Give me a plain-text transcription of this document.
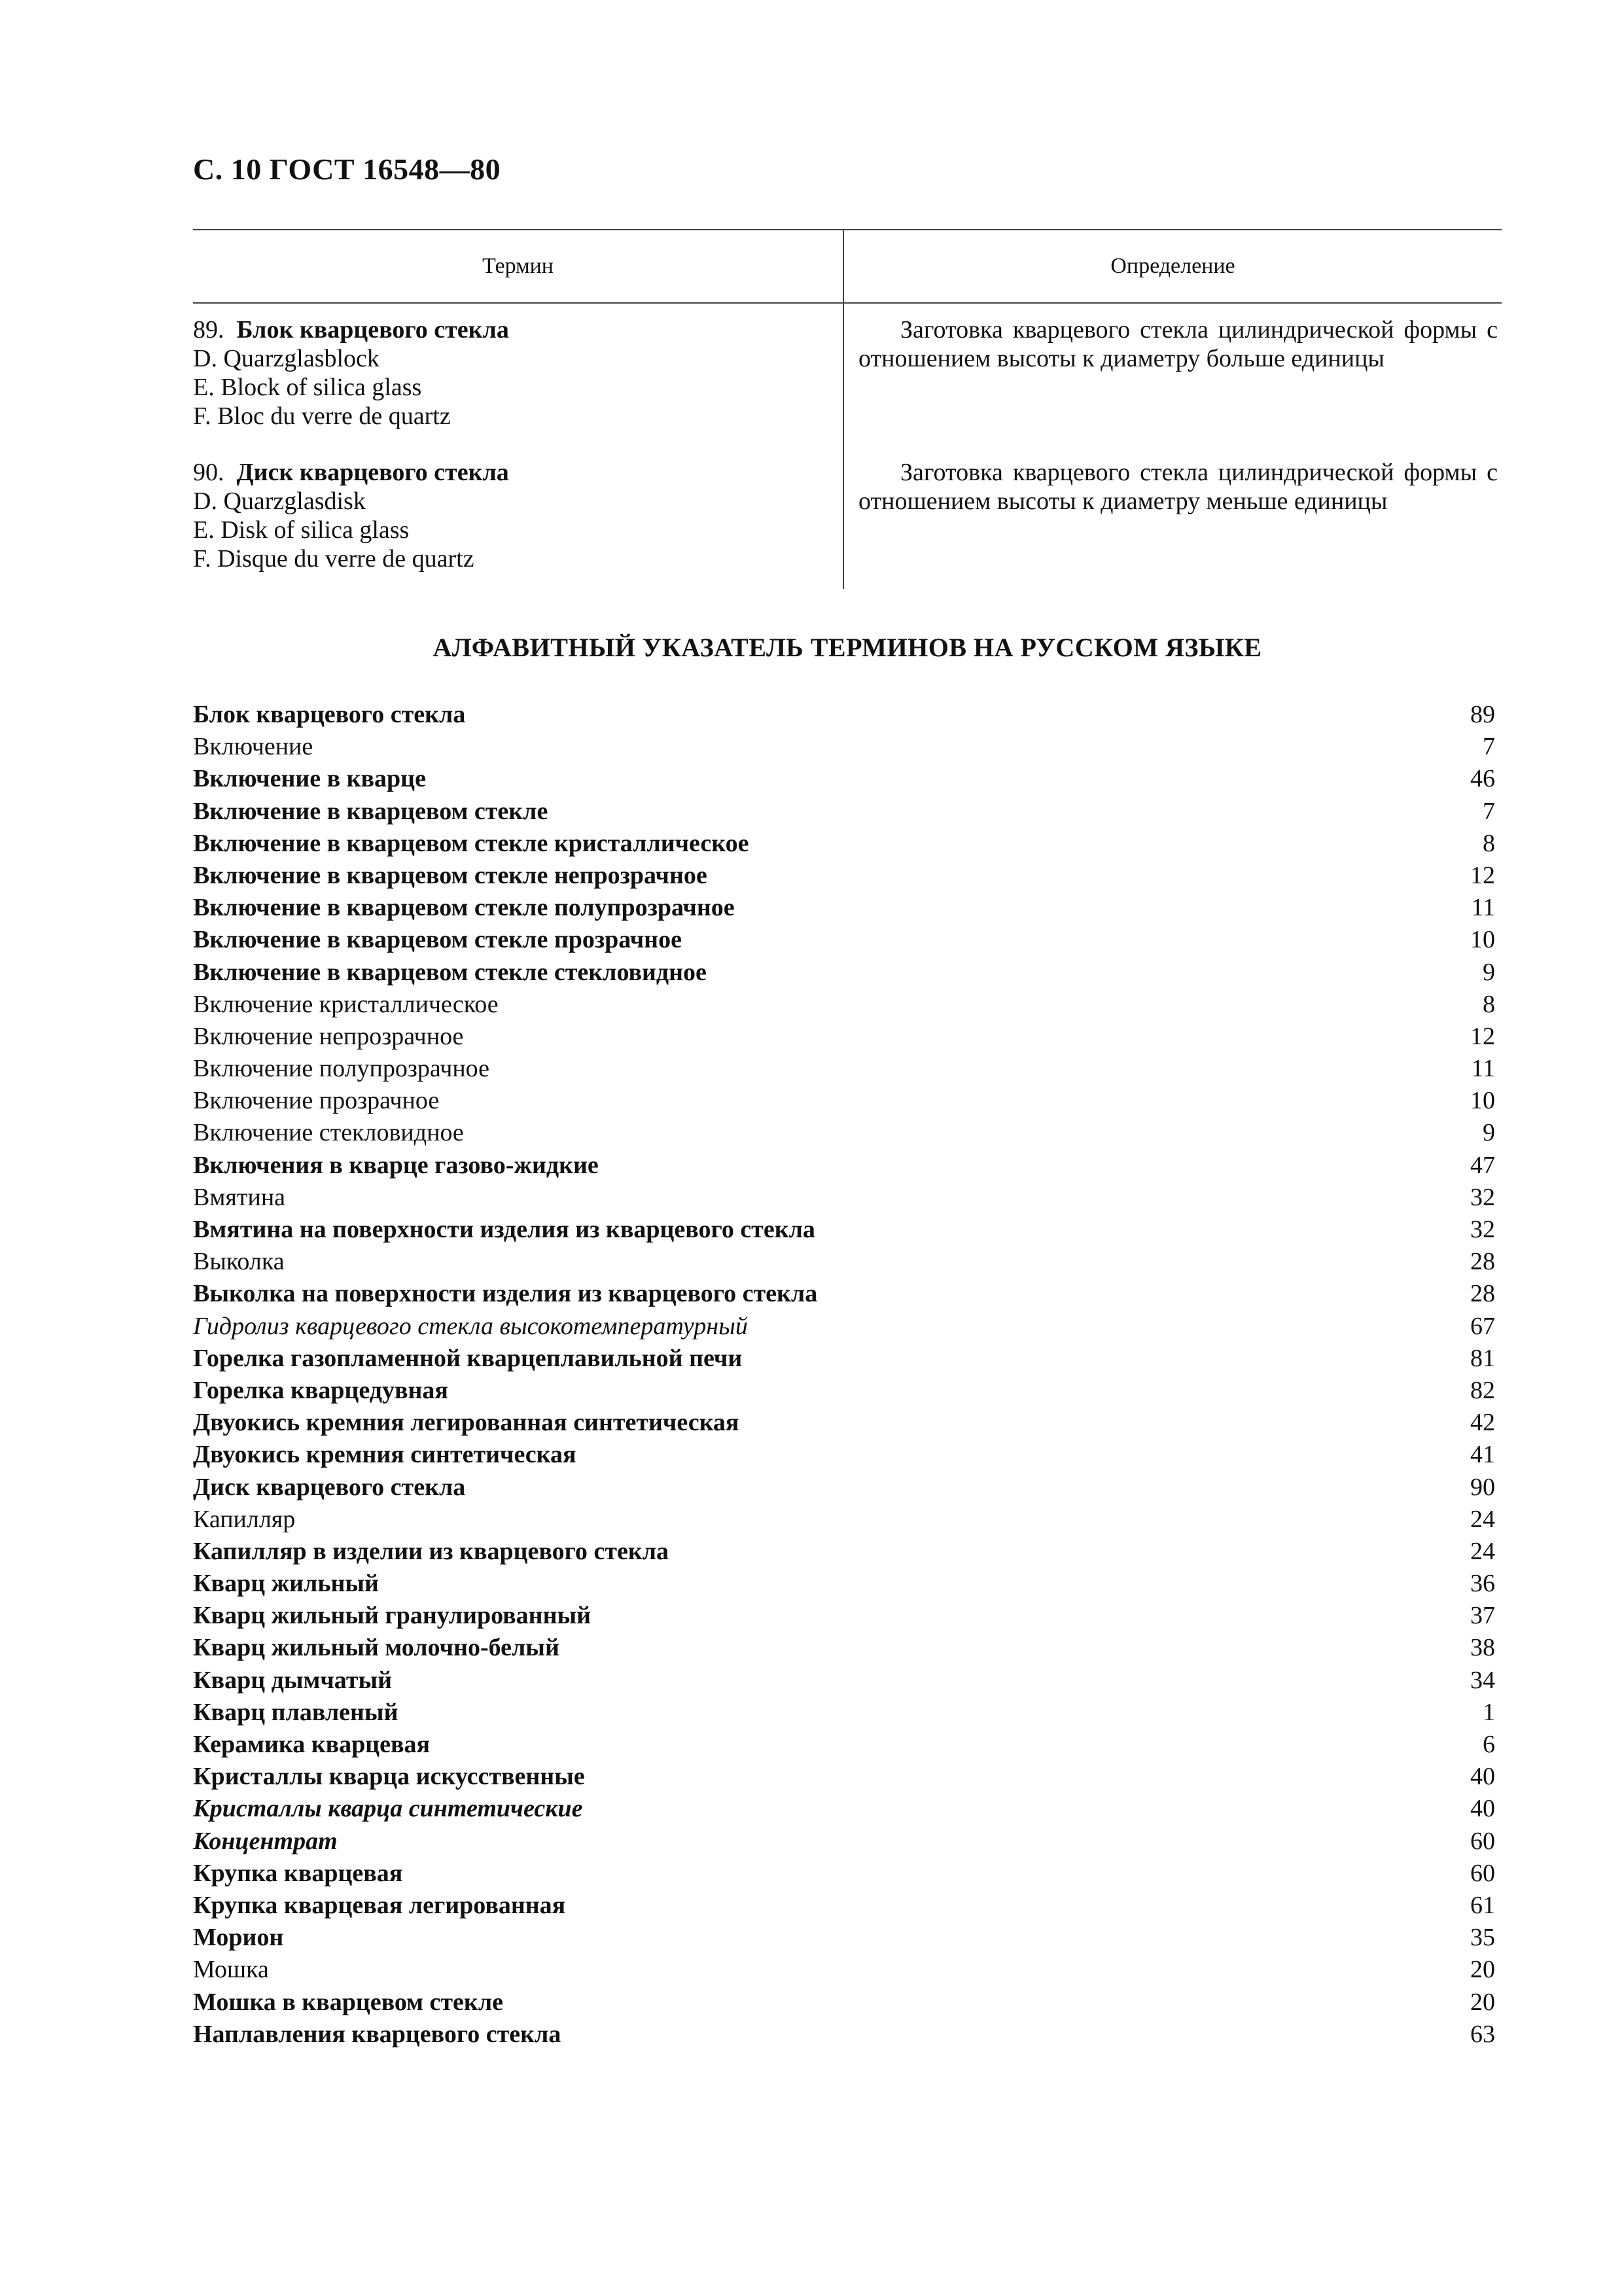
С. 10 ГОСТ 16548—80
Термин	Определение
89. Блок кварцевого стекла
D. Quarzglasblock
E. Block of silica glass
F. Bloc du verre de quartz
Заготовка кварцевого стекла цилиндрической формы с отношением высоты к диаметру больше единицы
90. Диск кварцевого стекла
D. Quarzglasdisk
E. Disk of silica glass
F. Disque du verre de quartz
Заготовка кварцевого стекла цилиндрической формы с отношением высоты к диаметру меньше единицы
АЛФАВИТНЫЙ УКАЗАТЕЛЬ ТЕРМИНОВ НА РУССКОМ ЯЗЫКЕ
Блок кварцевого стекла	89
Включение	7
Включение в кварце	46
Включение в кварцевом стекле	7
Включение в кварцевом стекле кристаллическое	8
Включение в кварцевом стекле непрозрачное	12
Включение в кварцевом стекле полупрозрачное	11
Включение в кварцевом стекле прозрачное	10
Включение в кварцевом стекле стекловидное	9
Включение кристаллическое	8
Включение непрозрачное	12
Включение полупрозрачное	11
Включение прозрачное	10
Включение стекловидное	9
Включения в кварце газово-жидкие	47
Вмятина	32
Вмятина на поверхности изделия из кварцевого стекла	32
Выколка	28
Выколка на поверхности изделия из кварцевого стекла	28
Гидролиз кварцевого стекла высокотемпературный	67
Горелка газопламенной кварцеплавильной печи	81
Горелка кварцедувная	82
Двуокись кремния легированная синтетическая	42
Двуокись кремния синтетическая	41
Диск кварцевого стекла	90
Капилляр	24
Капилляр в изделии из кварцевого стекла	24
Кварц жильный	36
Кварц жильный гранулированный	37
Кварц жильный молочно-белый	38
Кварц дымчатый	34
Кварц плавленый	1
Керамика кварцевая	6
Кристаллы кварца искусственные	40
Кристаллы кварца синтетические	40
Концентрат	60
Крупка кварцевая	60
Крупка кварцевая легированная	61
Морион	35
Мошка	20
Мошка в кварцевом стекле	20
Наплавления кварцевого стекла	63
